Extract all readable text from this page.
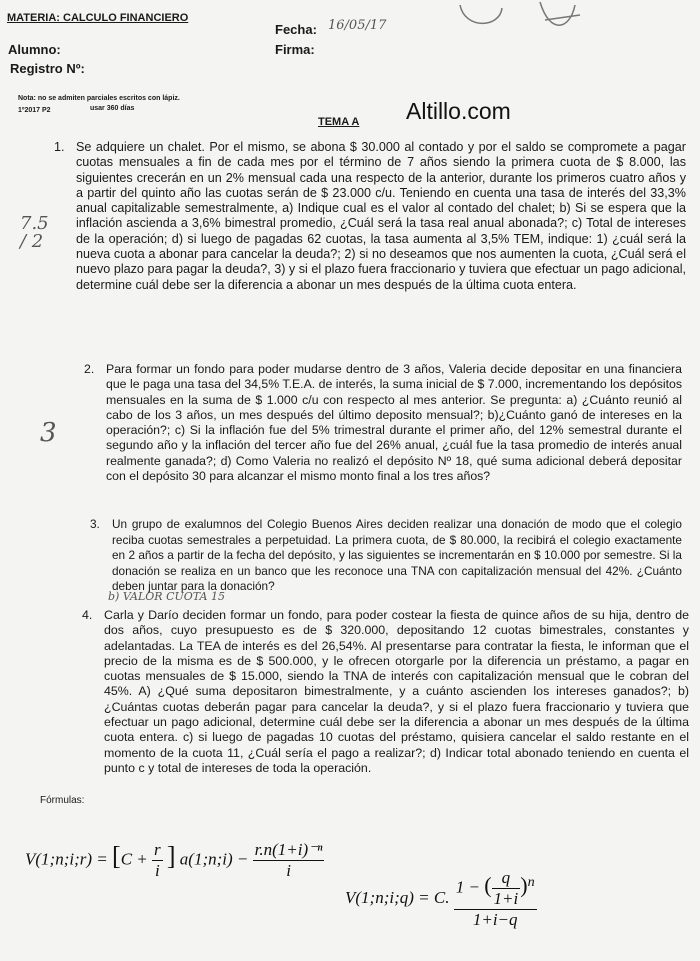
MATERIA: CALCULO FINANCIERO
Alumno:
Registro Nº:
Fecha: 16/05/17
Firma:
Nota: no se admiten parciales escritos con lápiz.
1º2017 P2	usar 360 días	Altillo.com
TEMA A
7.5 / 2
3
1. Se adquiere un chalet. Por el mismo, se abona $ 30.000 al contado y por el saldo se compromete a pagar cuotas mensuales a fin de cada mes por el término de 7 años siendo la primera cuota de $ 8.000, las siguientes crecerán en un 2% mensual cada una respecto de la anterior, durante los primeros cuatro años y a partir del quinto año las cuotas serán de $ 23.000 c/u. Teniendo en cuenta una tasa de interés del 33,3% anual capitalizable semestralmente, a) Indique cual es el valor al contado del chalet; b) Si se espera que la inflación ascienda a 3,6% bimestral promedio, ¿Cuál será la tasa real anual abonada?; c) Total de intereses de la operación; d) si luego de pagadas 62 cuotas, la tasa aumenta al 3,5% TEM, indique: 1) ¿cuál será la nueva cuota a abonar para cancelar la deuda?; 2) si no deseamos que nos aumenten la cuota, ¿Cuál será el nuevo plazo para pagar la deuda?, 3) y si el plazo fuera fraccionario y tuviera que efectuar un pago adicional, determine cuál debe ser la diferencia a abonar un mes después de la última cuota entera.
2. Para formar un fondo para poder mudarse dentro de 3 años, Valeria decide depositar en una financiera que le paga una tasa del 34,5% T.E.A. de interés, la suma inicial de $ 7.000, incrementando los depósitos mensuales en la suma de $ 1.000 c/u con respecto al mes anterior. Se pregunta: a) ¿Cuánto reunió al cabo de los 3 años, un mes después del último deposito mensual?; b)¿Cuánto ganó de intereses en la operación?; c) Si la inflación fue del 5% trimestral durante el primer año, del 12% semestral durante el segundo año y la inflación del tercer año fue del 26% anual, ¿cuál fue la tasa promedio de interés anual realmente ganada?; d) Como Valeria no realizó el depósito Nº 18, qué suma adicional deberá depositar con el depósito 30 para alcanzar el mismo monto final a los tres años?
3. Un grupo de exalumnos del Colegio Buenos Aires deciden realizar una donación de modo que el colegio reciba cuotas semestrales a perpetuidad. La primera cuota, de $ 80.000, la recibirá el colegio exactamente en 2 años a partir de la fecha del depósito, y las siguientes se incrementarán en $ 10.000 por semestre. Si la donación se realiza en un banco que les reconoce una TNA con capitalización mensual del 42%. ¿Cuánto deben juntar para la donación?
b) VALOR CUOTA 15
4. Carla y Darío deciden formar un fondo, para poder costear la fiesta de quince años de su hija, dentro de dos años, cuyo presupuesto es de $ 320.000, depositando 12 cuotas bimestrales, constantes y adelantadas. La TEA de interés es del 26,54%. Al presentarse para contratar la fiesta, le informan que el precio de la misma es de $ 500.000, y le ofrecen otorgarle por la diferencia un préstamo, a pagar en cuotas mensuales de $ 15.000, siendo la TNA de interés con capitalización mensual que le cobran del 45%. A) ¿Qué suma depositaron bimestralmente, y a cuánto ascienden los intereses ganados?; b) ¿Cuántas cuotas deberán pagar para cancelar la deuda?, y si el plazo fuera fraccionario y tuviera que efectuar un pago adicional, determine cuál debe ser la diferencia a abonar un mes después de la última cuota entera. c) si luego de pagadas 10 cuotas del préstamo, quisiera cancelar el saldo restante en el momento de la cuota 11, ¿Cuál sería el pago a realizar?; d) Indicar total abonado teniendo en cuenta el punto c y total de intereses de toda la operación.
Fórmulas:
V(1;n;i;r) = [$C + \frac{r}{i}$ ] a(1;n;i) − $\frac{\text{r.n(1+i)⁻ⁿ}}{i}$
V(1;n;i;q) = C. $\frac{1 - ( \frac{q}{1+i} )^n}{1+i-q}$
